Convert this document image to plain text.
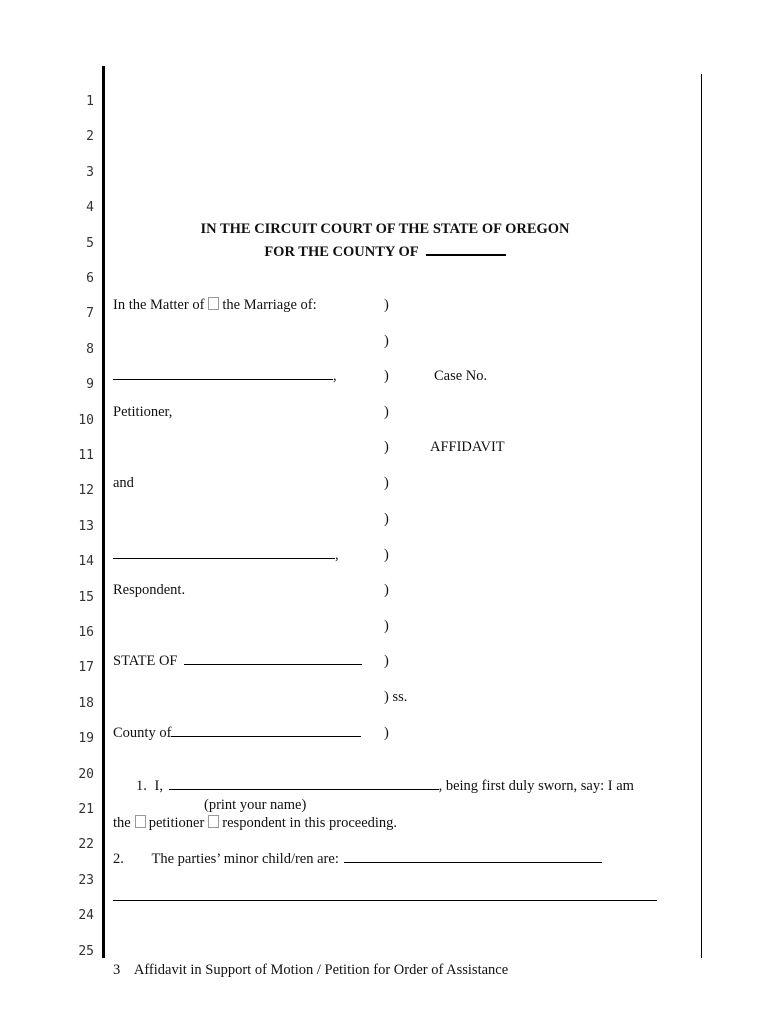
1
2
3
4
5
6
7
8
9
10
11
12
13
14
15
16
17
18
19
20
21
22
23
24
25
IN THE CIRCUIT COURT OF THE STATE OF OREGON
FOR THE COUNTY OF
In the Matter of the Marriage of:
,
Petitioner,
and
,
Respondent.
STATE OF
County of
)
)
)
)
)
)
)
)
)
)
)
) ss.
)
Case No.
AFFIDAVIT
1. I,	, being first duly sworn, say: I am
(print your name)
the petitioner respondent in this proceeding.
2. The parties’ minor child/ren are:
3 Affidavit in Support of Motion / Petition for Order of Assistance
